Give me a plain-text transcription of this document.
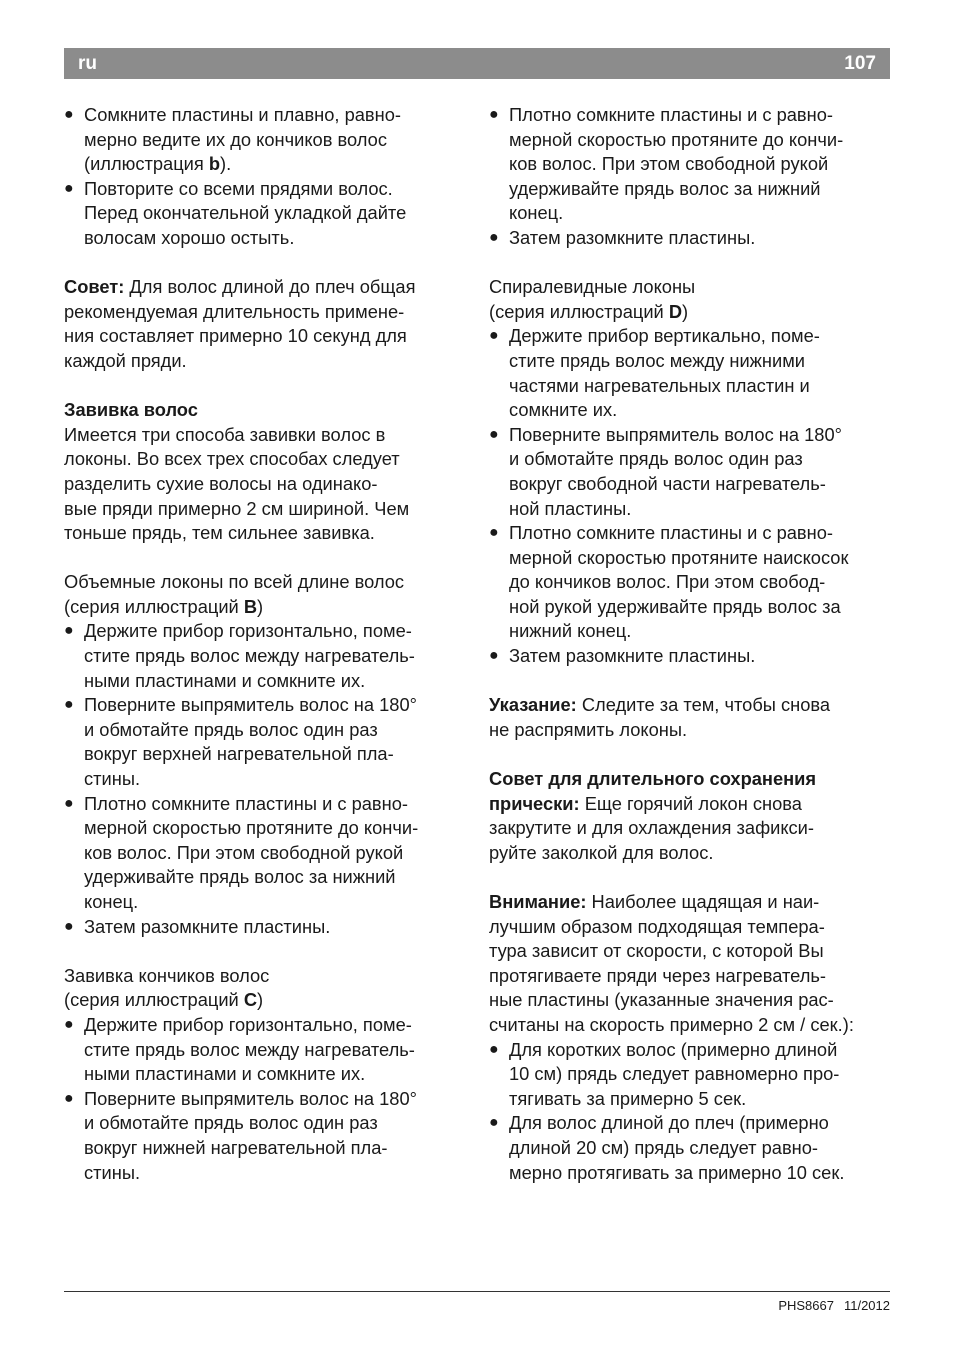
ru	107
● Сомкните пластины и плавно, равно-
мерно ведите их до кончиков волос
(иллюстрация b).
● Повторите со всеми прядями волос.
Перед окончательной укладкой дайте
волосам хорошо остыть.
Совет: Для волос длиной до плеч общая
рекомендуемая длительность примене-
ния составляет примерно 10 секунд для
каждой пряди.
Завивка волос
Имеется три способа завивки волос в
локоны. Во всех трех способах следует
разделить сухие волосы на одинако-
вые пряди примерно 2 см шириной. Чем
тоньше прядь, тем сильнее завивка.
Объемные локоны по всей длине волос
(серия иллюстраций B)
● Держите прибор горизонтально, поме-
стите прядь волос между нагреватель-
ными пластинами и сомкните их.
● Поверните выпрямитель волос на 180°
и обмотайте прядь волос один раз
вокруг верхней нагревательной пла-
стины.
● Плотно сомкните пластины и с равно-
мерной скоростью протяните до кончи-
ков волос. При этом свободной рукой
удерживайте прядь волос за нижний
конец.
● Затем разомкните пластины.
Завивка кончиков волос
(серия иллюстраций C)
● Держите прибор горизонтально, поме-
стите прядь волос между нагреватель-
ными пластинами и сомкните их.
● Поверните выпрямитель волос на 180°
и обмотайте прядь волос один раз
вокруг нижней нагревательной пла-
стины.
● Плотно сомкните пластины и с равно-
мерной скоростью протяните до кончи-
ков волос. При этом свободной рукой
удерживайте прядь волос за нижний
конец.
● Затем разомкните пластины.
Спиралевидные локоны
(серия иллюстраций D)
● Держите прибор вертикально, поме-
стите прядь волос между нижними
частями нагревательных пластин и
сомкните их.
● Поверните выпрямитель волос на 180°
и обмотайте прядь волос один раз
вокруг свободной части нагреватель-
ной пластины.
● Плотно сомкните пластины и с равно-
мерной скоростью протяните наискосок
до кончиков волос. При этом свобод-
ной рукой удерживайте прядь волос за
нижний конец.
● Затем разомкните пластины.
Указание: Следите за тем, чтобы снова
не распрямить локоны.
Совет для длительного сохранения
прически: Еще горячий локон снова
закрутите и для охлаждения зафикси-
руйте заколкой для волос.
Внимание: Наиболее щадящая и наи-
лучшим образом подходящая темпера-
тура зависит от скорости, с которой Вы
протягиваете пряди через нагреватель-
ные пластины (указанные значения рас-
считаны на скорость примерно 2 см / сек.):
● Для коротких волос (примерно длиной
10 см) прядь следует равномерно про-
тягивать за примерно 5 сек.
● Для волос длиной до плеч (примерно
длиной 20 см) прядь следует равно-
мерно протягивать за примерно 10 сек.
PHS8667 11/2012
